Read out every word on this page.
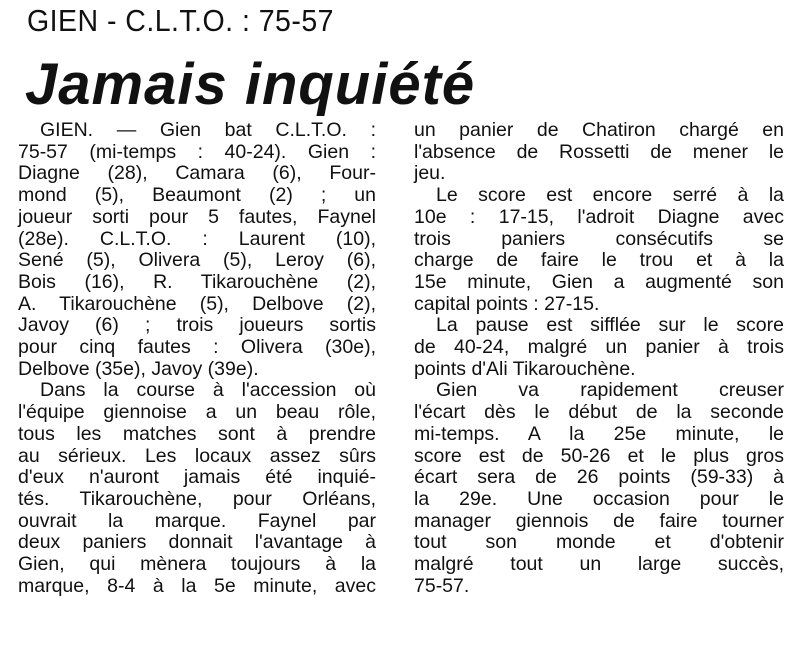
GIEN - C.L.T.O. : 75-57
Jamais inquiété
GIEN. — Gien bat C.L.T.O. :
75-57 (mi-temps : 40-24). Gien :
Diagne (28), Camara (6), Four-
mond (5), Beaumont (2) ; un
joueur sorti pour 5 fautes, Faynel
(28e). C.L.T.O. : Laurent (10),
Sené (5), Olivera (5), Leroy (6),
Bois (16), R. Tikarouchène (2),
A. Tikarouchène (5), Delbove (2),
Javoy (6) ; trois joueurs sortis
pour cinq fautes : Olivera (30e),
Delbove (35e), Javoy (39e).
Dans la course à l'accession où
l'équipe giennoise a un beau rôle,
tous les matches sont à prendre
au sérieux. Les locaux assez sûrs
d'eux n'auront jamais été inquié-
tés. Tikarouchène, pour Orléans,
ouvrait la marque. Faynel par
deux paniers donnait l'avantage à
Gien, qui mènera toujours à la
marque, 8-4 à la 5e minute, avec
un panier de Chatiron chargé en
l'absence de Rossetti de mener le
jeu.
Le score est encore serré à la
10e : 17-15, l'adroit Diagne avec
trois paniers consécutifs se
charge de faire le trou et à la
15e minute, Gien a augmenté son
capital points : 27-15.
La pause est sifflée sur le score
de 40-24, malgré un panier à trois
points d'Ali Tikarouchène.
Gien va rapidement creuser
l'écart dès le début de la seconde
mi-temps. A la 25e minute, le
score est de 50-26 et le plus gros
écart sera de 26 points (59-33) à
la 29e. Une occasion pour le
manager giennois de faire tourner
tout son monde et d'obtenir
malgré tout un large succès,
75-57.
